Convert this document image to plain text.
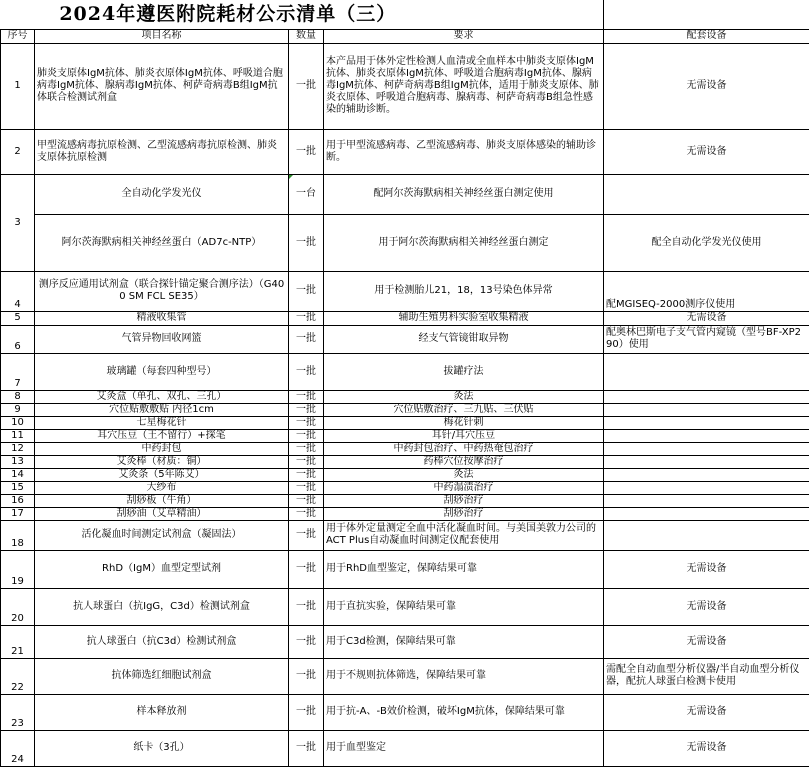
2024年遵医附院耗材公示清单（三）				
序号	项目名称	数量	要求	配套设备
1	肺炎支原体IgM抗体、肺炎衣原体IgM抗体、呼吸道合胞病毒IgM抗体、腺病毒IgM抗体、柯萨奇病毒B组IgM抗体联合检测试剂盒	一批	本产品用于体外定性检测人血清或全血样本中肺炎支原体IgM抗体、肺炎衣原体IgM抗体、呼吸道合胞病毒IgM抗体、腺病毒IgM抗体、柯萨奇病毒B组IgM抗体，适用于肺炎支原体、肺炎衣原体、呼吸道合胞病毒、腺病毒、柯萨奇病毒B组急性感染的辅助诊断。	无需设备
2	甲型流感病毒抗原检测、乙型流感病毒抗原检测、肺炎支原体抗原检测	一批	用于甲型流感病毒、乙型流感病毒、肺炎支原体感染的辅助诊断。	无需设备
3	全自动化学发光仪	一台	配阿尔茨海默病相关神经丝蛋白测定使用	
	阿尔茨海默病相关神经丝蛋白（AD7c-NTP）	一批	用于阿尔茨海默病相关神经丝蛋白测定	配全自动化学发光仪使用
4	测序反应通用试剂盒（联合探针锚定聚合测序法）（G400 SM FCL SE35）	一批	用于检测胎儿21，18，13号染色体异常	配MGISEQ-2000测序仪使用
5	精液收集管	一批	辅助生殖男科实验室收集精液	无需设备
6	气管异物回收网篮	一批	经支气管镜钳取异物	配奥林巴斯电子支气管内窥镜（型号BF-XP290）使用
7	玻璃罐（每套四种型号）	一批	拔罐疗法	
8	艾灸盒（单孔、双孔、三孔）	一批	灸法	
9	穴位贴敷敷贴 内径1cm	一批	穴位贴敷治疗、三九贴、三伏贴	
10	七星梅花针	一批	梅花针刺	
11	耳穴压豆（王不留行）+探笔	一批	耳针/耳穴压豆	
12	中药封包	一批	中药封包治疗、中药热奄包治疗	
13	艾灸棒（材质：铜）	一批	药棒穴位按摩治疗	
14	艾灸条（5年陈艾）	一批	灸法	
15	大纱布	一批	中药溻渍治疗	
16	刮痧板（牛角）	一批	刮痧治疗	
17	刮痧油（艾草精油）	一批	刮痧治疗	
18	活化凝血时间测定试剂盒（凝固法）	一批	用于体外定量测定全血中活化凝血时间。与美国美敦力公司的ACT Plus自动凝血时间测定仪配套使用	
19	RhD（IgM）血型定型试剂	一批	用于RhD血型鉴定，保障结果可靠	无需设备
20	抗人球蛋白（抗IgG，C3d）检测试剂盒	一批	用于直抗实验，保障结果可靠	无需设备
21	抗人球蛋白（抗C3d）检测试剂盒	一批	用于C3d检测，保障结果可靠	无需设备
22	抗体筛选红细胞试剂盒	一批	用于不规则抗体筛选，保障结果可靠	需配全自动血型分析仪器/半自动血型分析仪器，配抗人球蛋白检测卡使用
23	样本释放剂	一批	用于抗-A、-B效价检测，破坏IgM抗体，保障结果可靠	无需设备
24	纸卡（3孔）	一批	用于血型鉴定	无需设备
